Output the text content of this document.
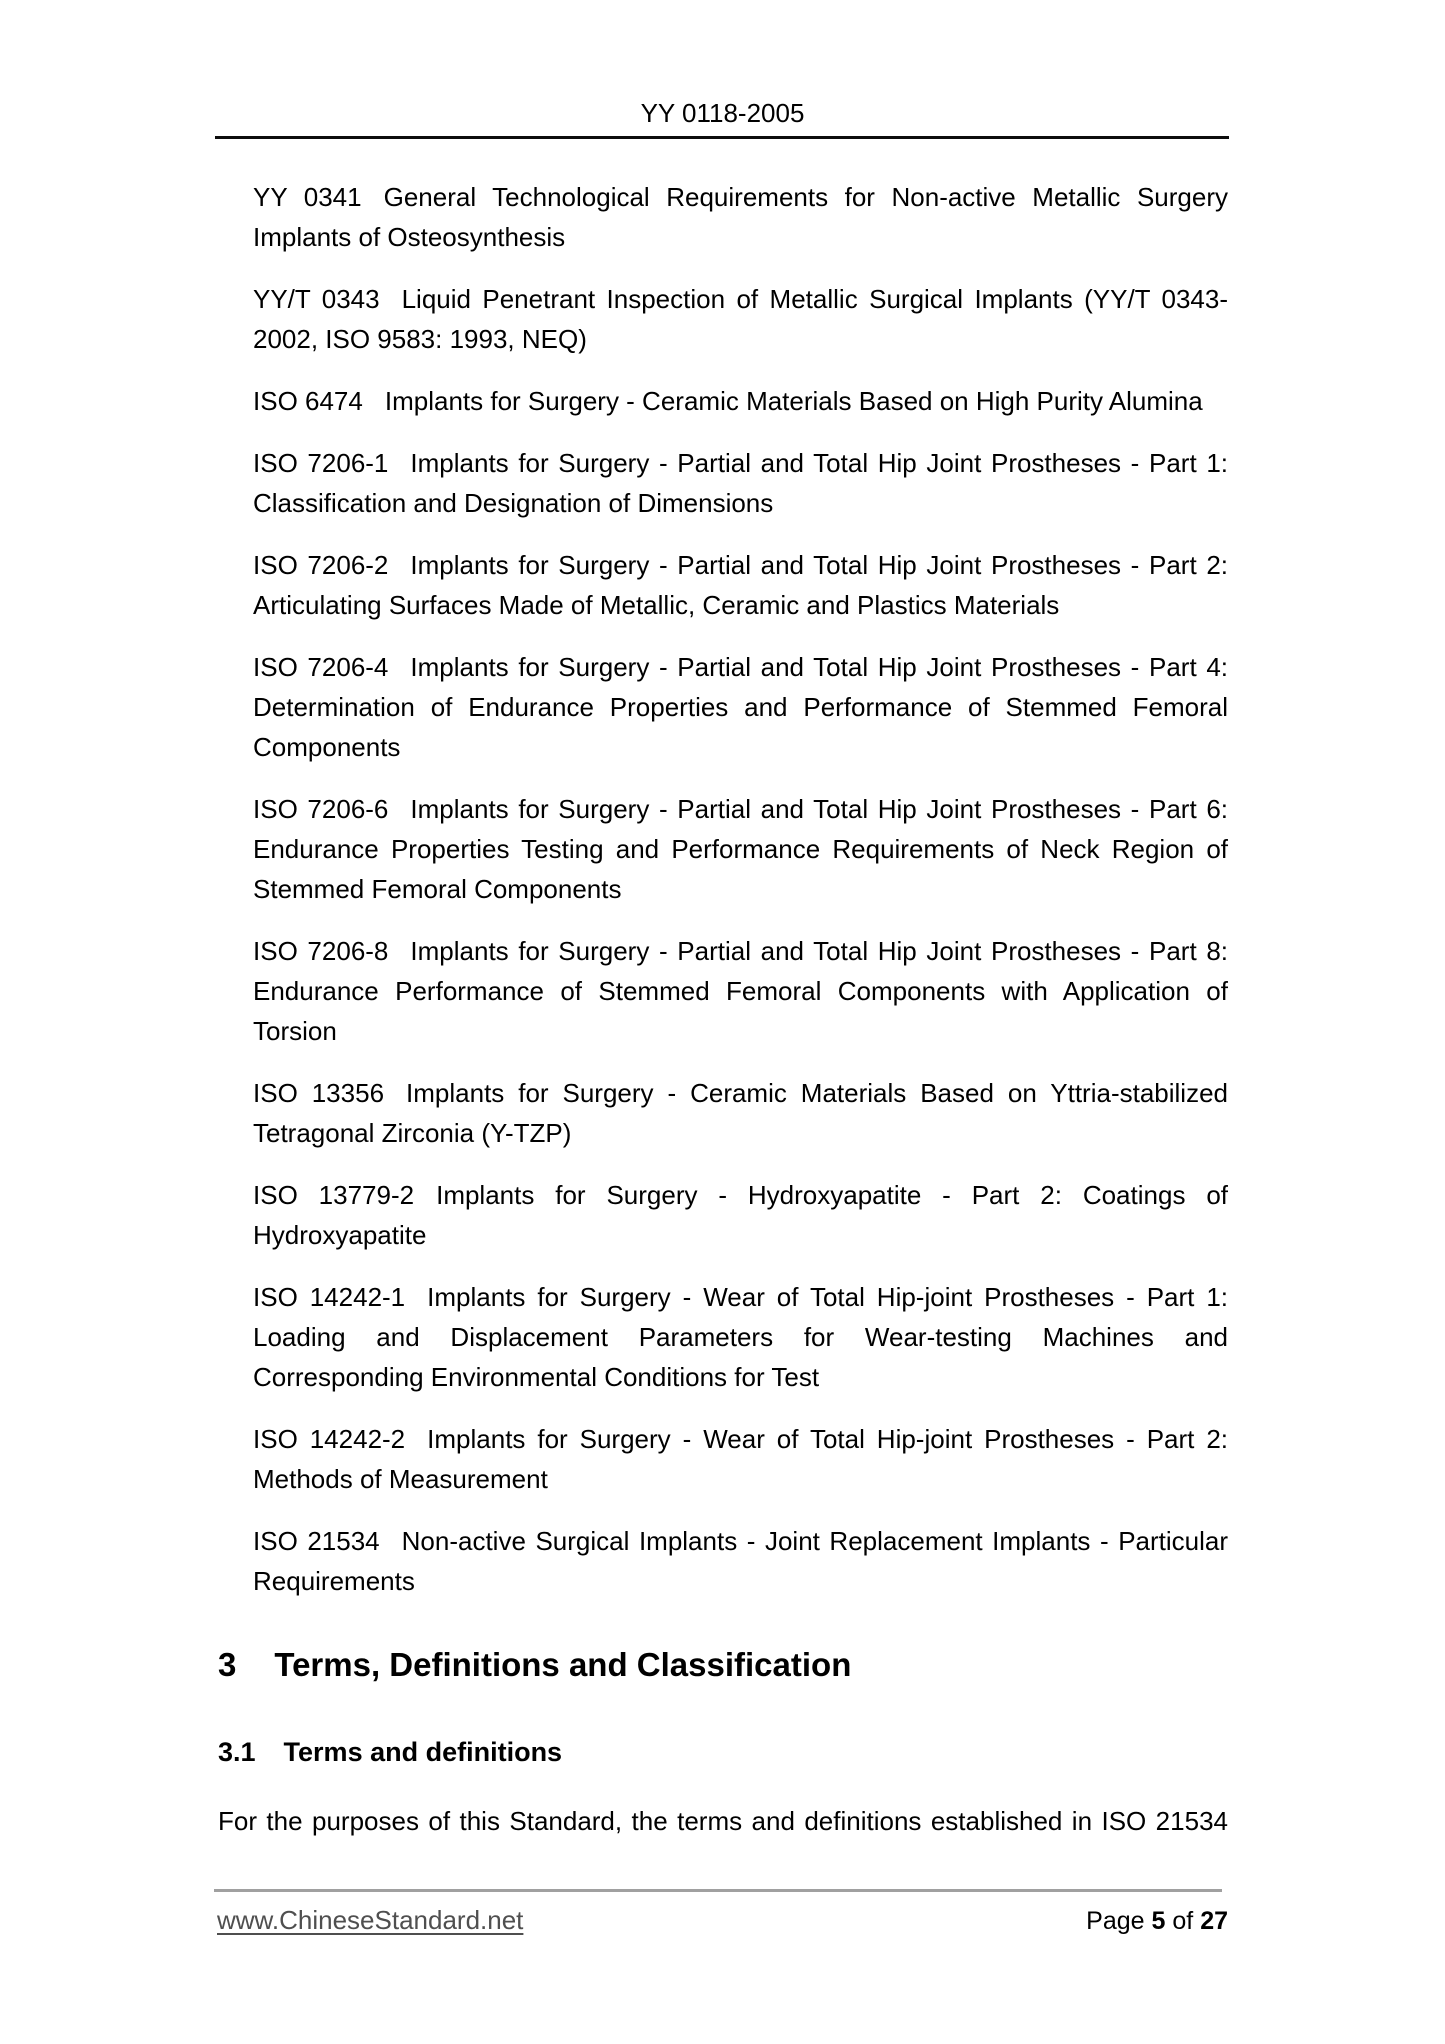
YY 0118-2005

YY 0341 General Technological Requirements for Non-active Metallic Surgery Implants of Osteosynthesis

YY/T 0343 Liquid Penetrant Inspection of Metallic Surgical Implants (YY/T 0343-2002, ISO 9583: 1993, NEQ)

ISO 6474 Implants for Surgery - Ceramic Materials Based on High Purity Alumina

ISO 7206-1 Implants for Surgery - Partial and Total Hip Joint Prostheses - Part 1: Classification and Designation of Dimensions

ISO 7206-2 Implants for Surgery - Partial and Total Hip Joint Prostheses - Part 2: Articulating Surfaces Made of Metallic, Ceramic and Plastics Materials

ISO 7206-4 Implants for Surgery - Partial and Total Hip Joint Prostheses - Part 4: Determination of Endurance Properties and Performance of Stemmed Femoral Components

ISO 7206-6 Implants for Surgery - Partial and Total Hip Joint Prostheses - Part 6: Endurance Properties Testing and Performance Requirements of Neck Region of Stemmed Femoral Components

ISO 7206-8 Implants for Surgery - Partial and Total Hip Joint Prostheses - Part 8: Endurance Performance of Stemmed Femoral Components with Application of Torsion

ISO 13356 Implants for Surgery - Ceramic Materials Based on Yttria-stabilized Tetragonal Zirconia (Y-TZP)

ISO 13779-2 Implants for Surgery - Hydroxyapatite - Part 2: Coatings of Hydroxyapatite

ISO 14242-1 Implants for Surgery - Wear of Total Hip-joint Prostheses - Part 1: Loading and Displacement Parameters for Wear-testing Machines and Corresponding Environmental Conditions for Test

ISO 14242-2 Implants for Surgery - Wear of Total Hip-joint Prostheses - Part 2: Methods of Measurement

ISO 21534 Non-active Surgical Implants - Joint Replacement Implants - Particular Requirements

3 Terms, Definitions and Classification
3.1 Terms and definitions

For the purposes of this Standard, the terms and definitions established in ISO 21534

www.ChineseStandard.net	Page 5 of 27
